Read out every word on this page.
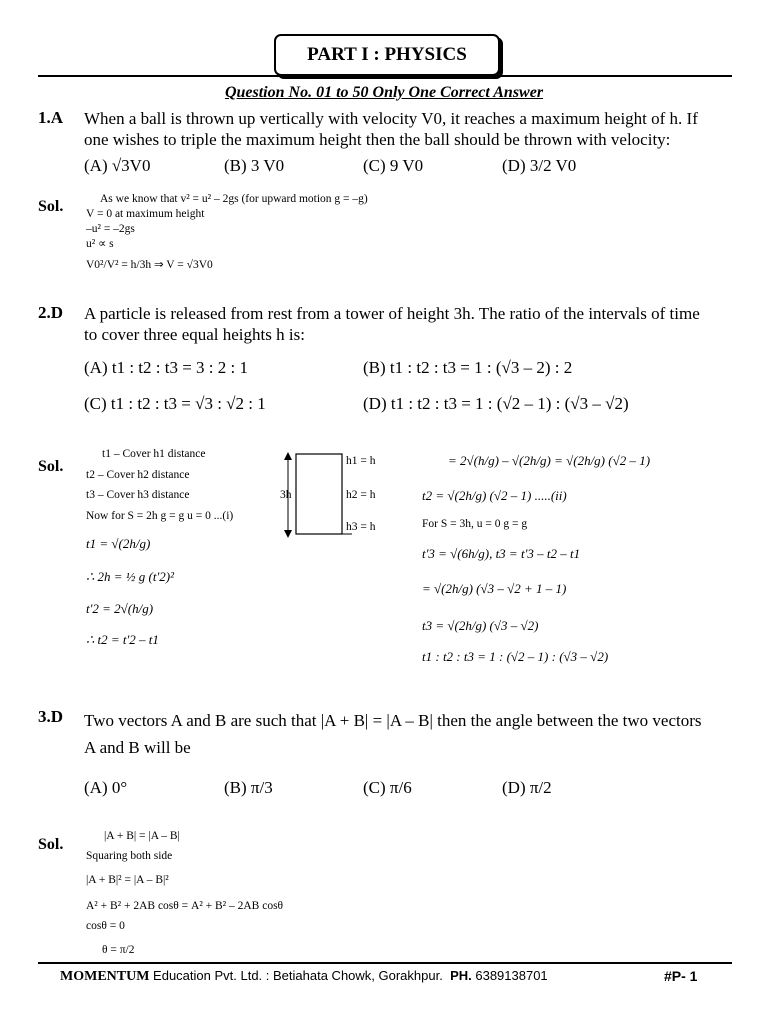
PART I : PHYSICS
Question No. 01 to 50 Only One Correct Answer
1.A When a ball is thrown up vertically with velocity V0, it reaches a maximum height of h. If
one wishes to triple the maximum height then the ball should be thrown with velocity:
(A) √3V0	(B) 3 V0	(C) 9 V0	(D) 3/2 V0
Sol.	As we know that v² = u² – 2gs (for upward motion g = –g)
V = 0 at maximum height
–u² = –2gs
u² ∝ s
V0²/V² = h/3h ⇒ V = √3V0
2.D A particle is released from rest from a tower of height 3h. The ratio of the intervals of time
to cover three equal heights h is:
(A) t1 : t2 : t3 = 3 : 2 : 1	(B) t1 : t2 : t3 = 1 : (√3 – 2) : 2
(C) t1 : t2 : t3 = √3 : √2 : 1	(D) t1 : t2 : t3 = 1 : (√2 – 1) : (√3 – √2)
Sol.
t1 – Cover h1 distance
t2 – Cover h2 distance
t3 – Cover h3 distance
Now for S = 2h g = g u = 0 ...(i)
t1 = √(2h/g)
∴ 2h = ½ g (t'2)²
t'2 = 2√(h/g)
∴ t2 = t'2 – t1
3h
h1 = h
h2 = h
h3 = h
= 2√(h/g) – √(2h/g) = √(2h/g) (√2 – 1)
t2 = √(2h/g) (√2 – 1) .....(ii)
For S = 3h, u = 0 g = g
t'3 = √(6h/g), t3 = t'3 – t2 – t1
= √(2h/g) (√3 – √2 + 1 – 1)
t3 = √(2h/g) (√3 – √2)
t1 : t2 : t3 = 1 : (√2 – 1) : (√3 – √2)
3.D Two vectors A and B are such that |A + B| = |A – B| then the angle between the two vectors
A and B will be
(A) 0°	(B) π/3	(C) π/6	(D) π/2
Sol.	|A + B| = |A – B|
Squaring both side
|A + B|² = |A – B|²
A² + B² + 2AB cosθ = A² + B² – 2AB cosθ
cosθ = 0
θ = π/2
MOMENTUM Education Pvt. Ltd. : Betiahata Chowk, Gorakhpur. PH. 6389138701	#P- 1
